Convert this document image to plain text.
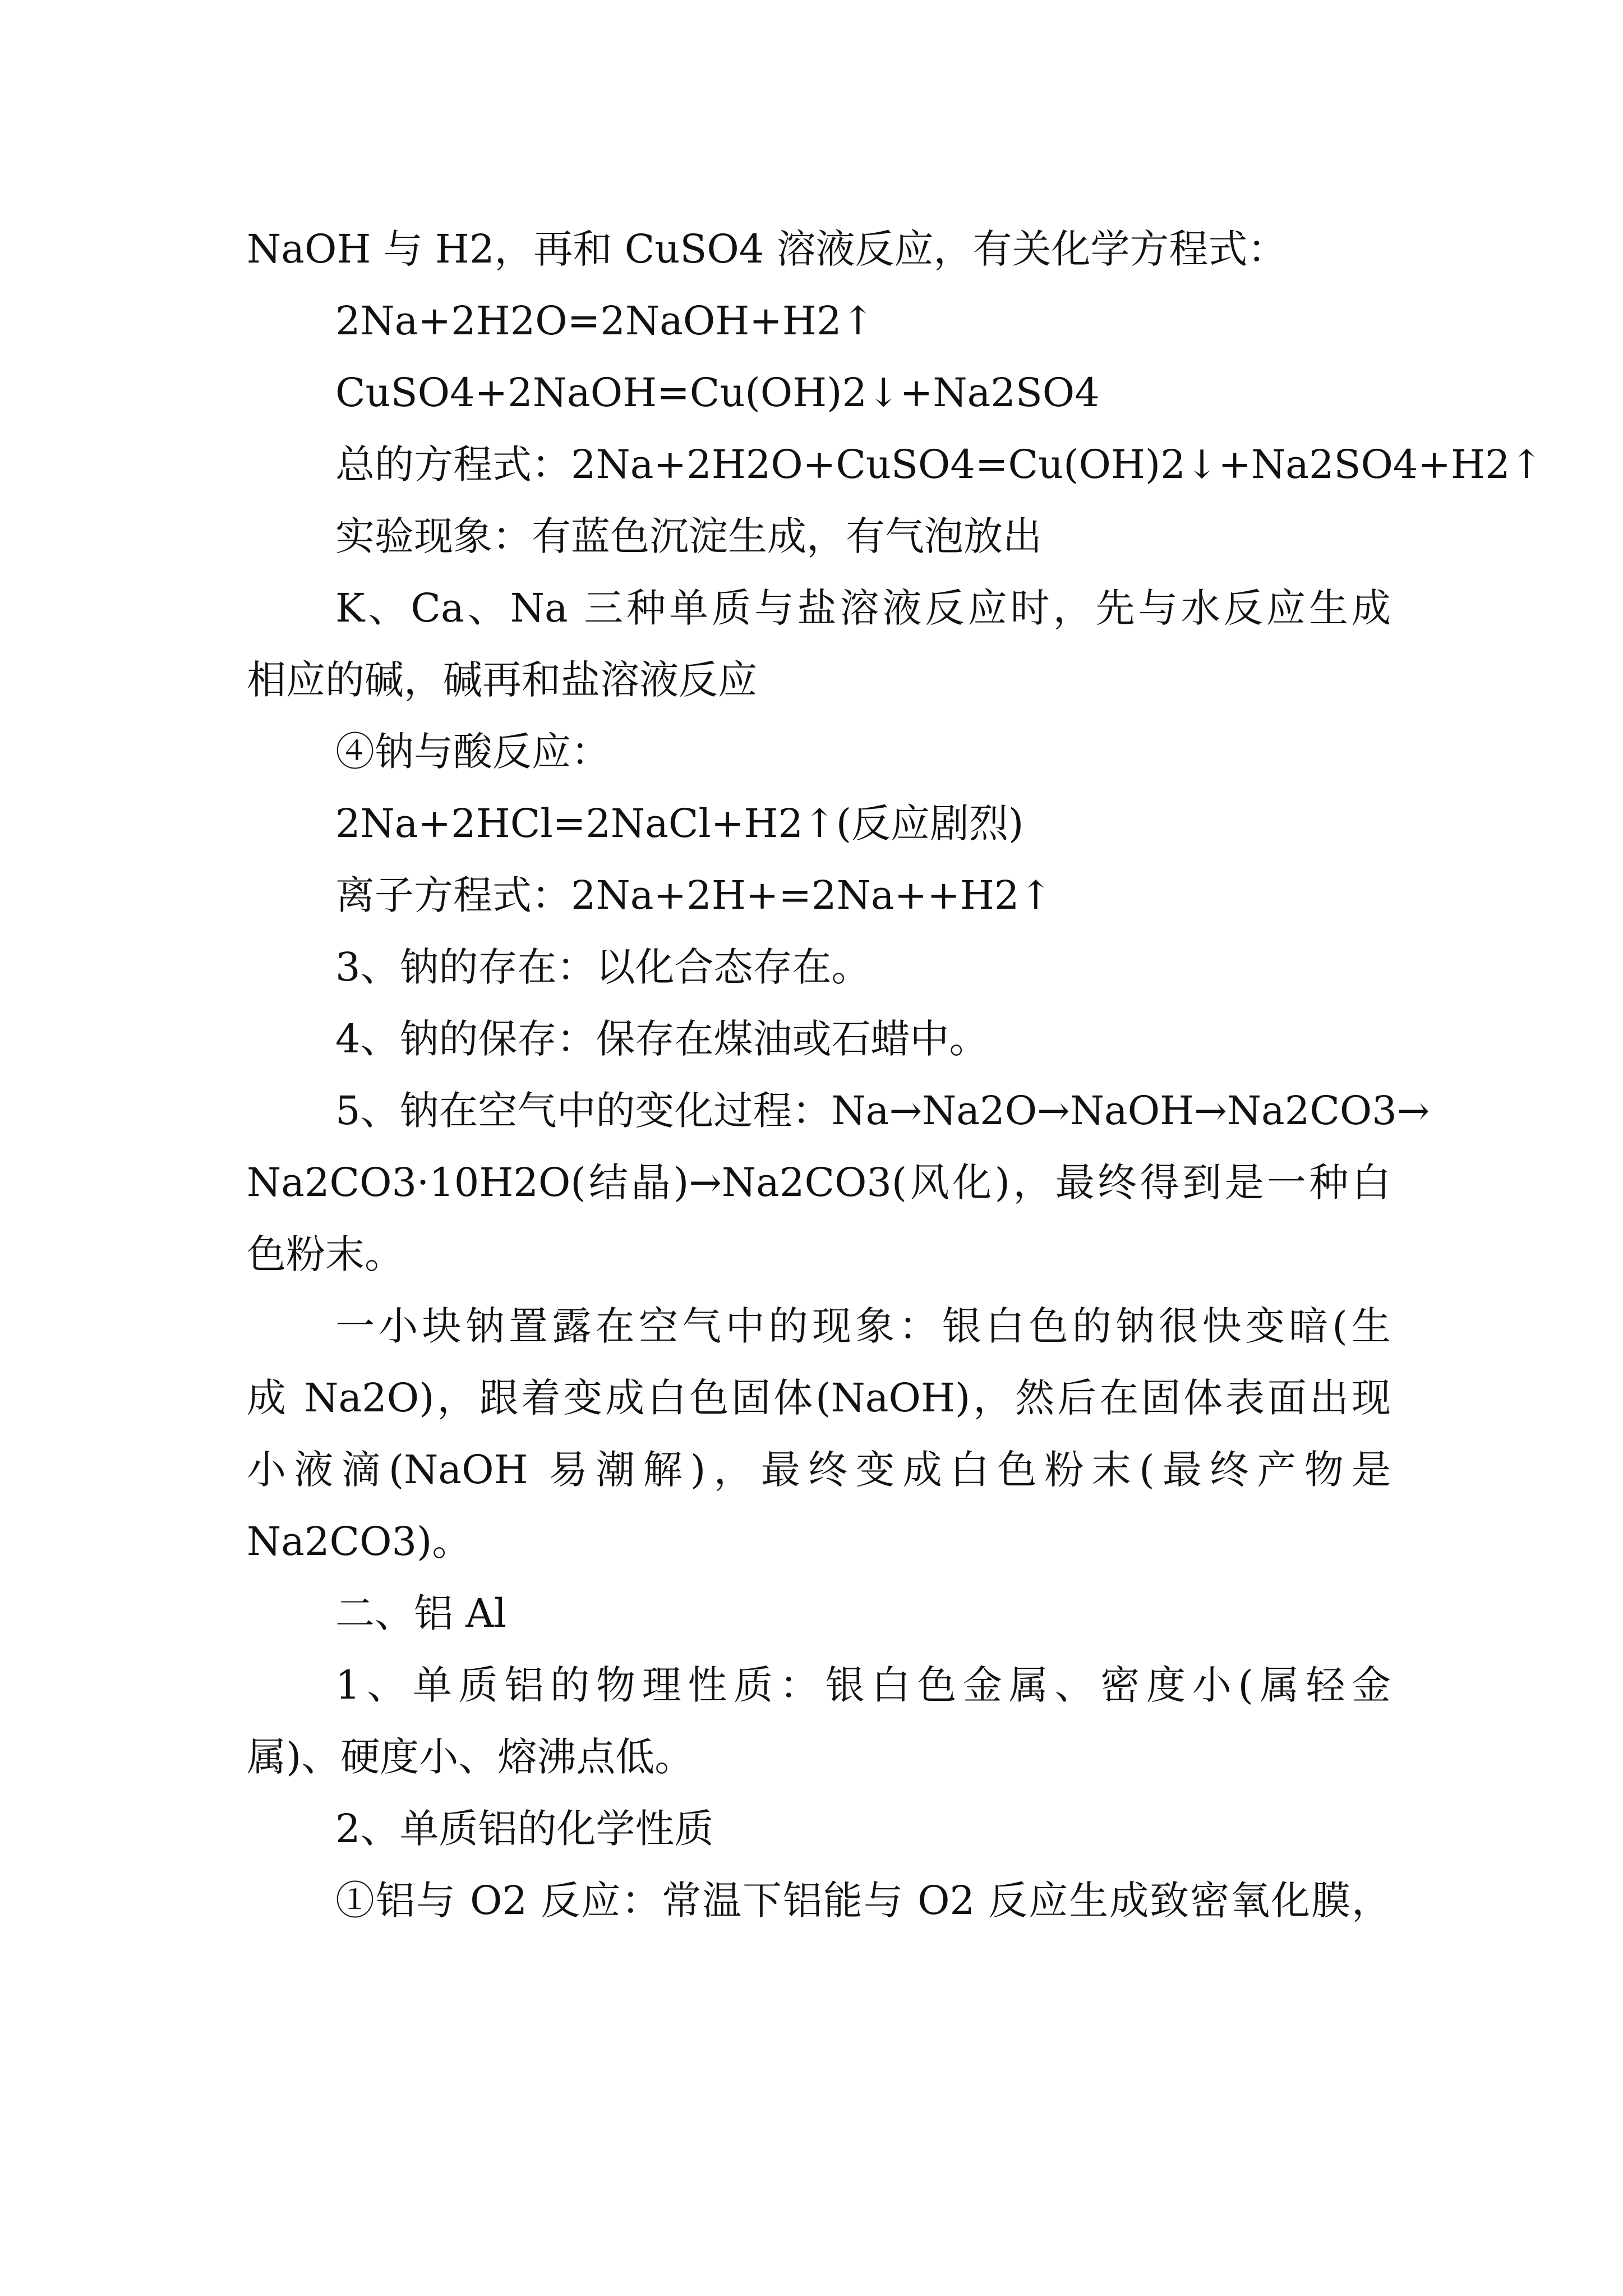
NaOH 与 H2，再和 CuSO4 溶液反应，有关化学方程式：
2Na+2H2O=2NaOH+H2↑
CuSO4+2NaOH=Cu(OH)2↓+Na2SO4
总的方程式：2Na+2H2O+CuSO4=Cu(OH)2↓+Na2SO4+H2↑
实验现象：有蓝色沉淀生成，有气泡放出
K、Ca、Na 三种单质与盐溶液反应时，先与水反应生成
相应的碱，碱再和盐溶液反应
④钠与酸反应：
2Na+2HCl=2NaCl+H2↑(反应剧烈)
离子方程式：2Na+2H+=2Na++H2↑
3、钠的存在：以化合态存在。
4、钠的保存：保存在煤油或石蜡中。
5、钠在空气中的变化过程：Na→Na2O→NaOH→Na2CO3→
Na2CO3·10H2O(结晶)→Na2CO3(风化)，最终得到是一种白
色粉末。
一小块钠置露在空气中的现象：银白色的钠很快变暗(生
成 Na2O)，跟着变成白色固体(NaOH)，然后在固体表面出现
小液滴(NaOH 易潮解)，最终变成白色粉末(最终产物是
Na2CO3)。
二、铝 Al
1、单质铝的物理性质：银白色金属、密度小(属轻金
属)、硬度小、熔沸点低。
2、单质铝的化学性质
①铝与 O2 反应：常温下铝能与 O2 反应生成致密氧化膜，
